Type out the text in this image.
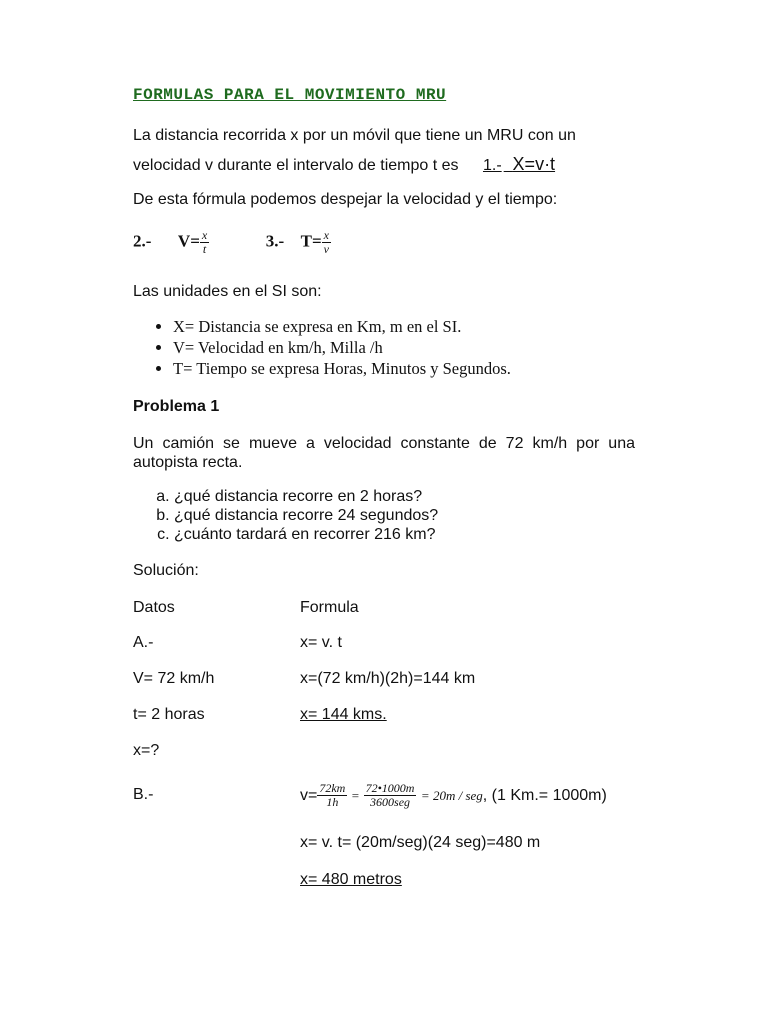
FORMULAS PARA EL MOVIMIENTO MRU
La distancia recorrida x por un móvil que tiene un MRU con un
velocidad v durante el intervalo de tiempo t es 1.- X=v·t
De esta fórmula podemos despejar la velocidad y el tiempo:
2.- $V= \frac{x}{t}$	3.- $T= \frac{x}{v}$
Las unidades en el SI son:
• X= Distancia se expresa en Km, m en el SI.
• V= Velocidad en km/h, Milla /h
• T= Tiempo se expresa Horas, Minutos y Segundos.
Problema 1
Un camión se mueve a velocidad constante de 72 km/h por una autopista recta.
a. ¿qué distancia recorre en 2 horas?
b. ¿qué distancia recorre 24 segundos?
c. ¿cuánto tardará en recorrer 216 km?
Solución:
Datos	Formula
A.-	x= v. t
V= 72 km/h	x=(72 km/h)(2h)=144 km
t= 2 horas	x= 144 kms.
x=?
B.-	$v= \frac{72km}{1h} = \frac{72•1000m}{\text{3600seg}} = 20m$ / seg, (1 Km.= 1000m)
x= v. t= (20m/seg)(24 seg)=480 m
x= 480 metros
